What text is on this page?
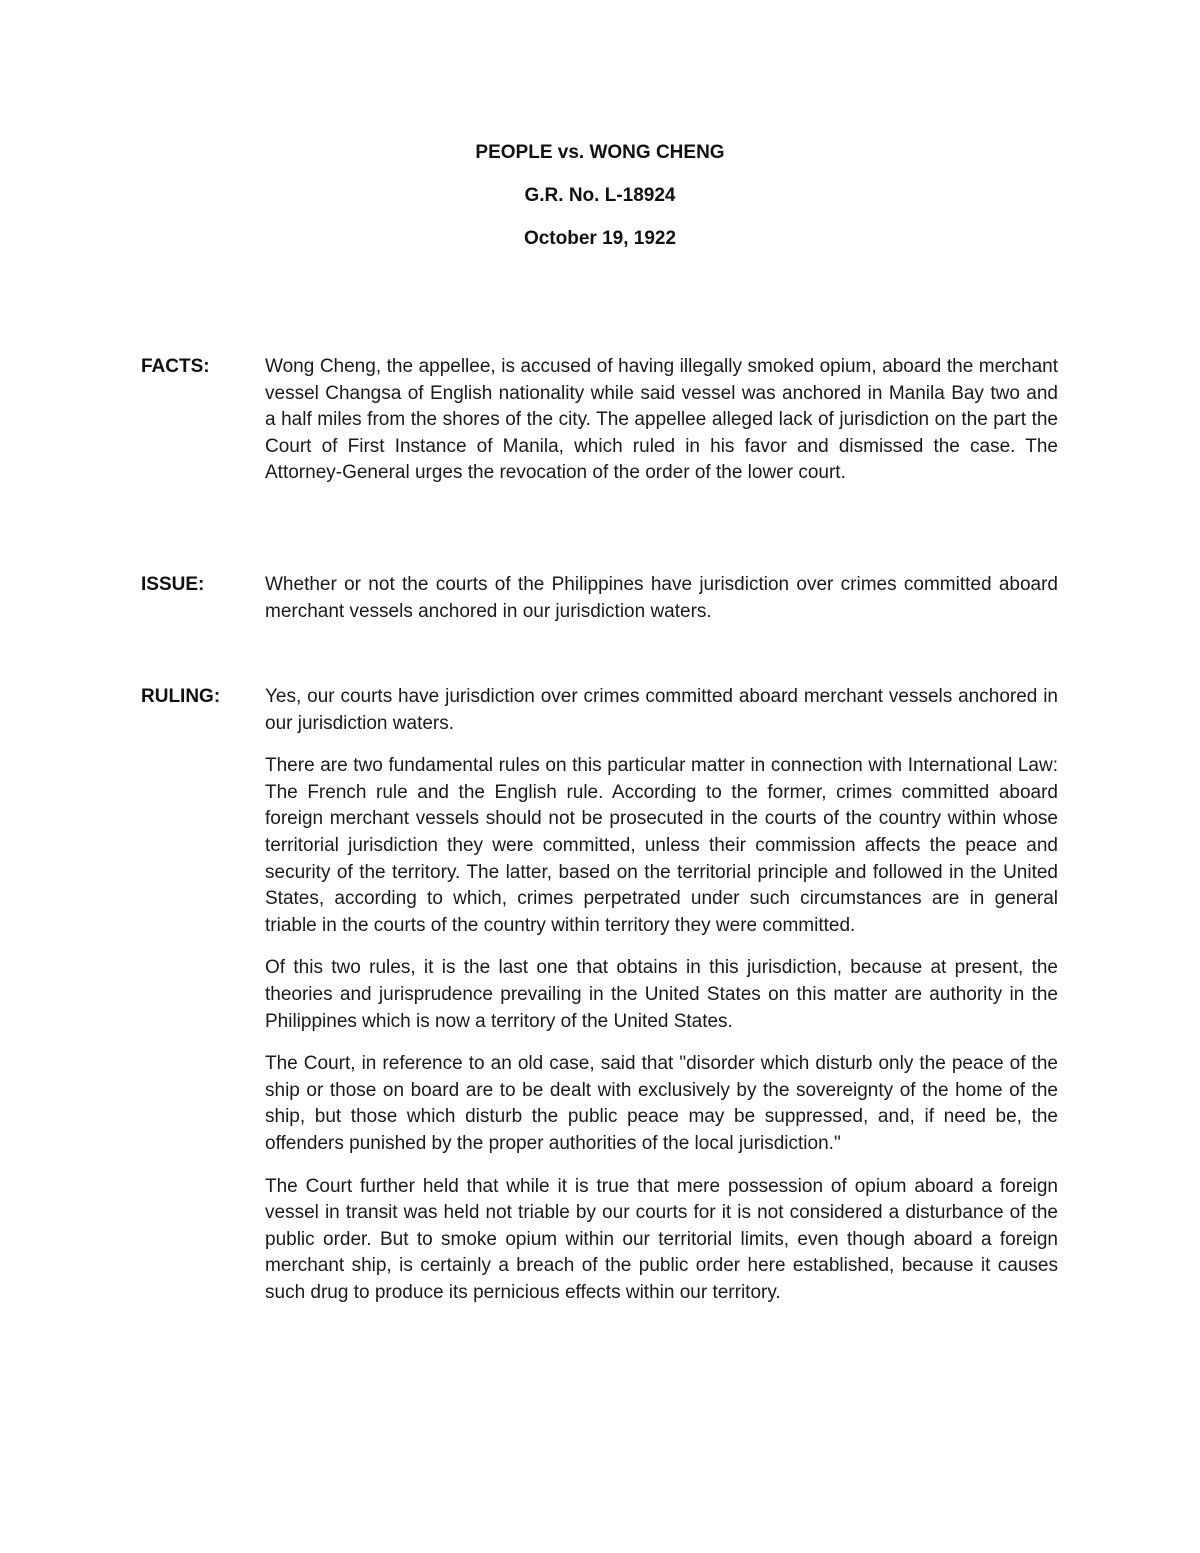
PEOPLE vs. WONG CHENG
G.R. No. L-18924
October 19, 1922
FACTS:	Wong Cheng, the appellee, is accused of having illegally smoked opium, aboard the merchant vessel Changsa of English nationality while said vessel was anchored in Manila Bay two and a half miles from the shores of the city. The appellee alleged lack of jurisdiction on the part the Court of First Instance of Manila, which ruled in his favor and dismissed the case. The Attorney-General urges the revocation of the order of the lower court.

ISSUE:	Whether or not the courts of the Philippines have jurisdiction over crimes committed aboard merchant vessels anchored in our jurisdiction waters.

RULING: Yes, our courts have jurisdiction over crimes committed aboard merchant vessels anchored in our jurisdiction waters.

There are two fundamental rules on this particular matter in connection with International Law: The French rule and the English rule. According to the former, crimes committed aboard foreign merchant vessels should not be prosecuted in the courts of the country within whose territorial jurisdiction they were committed, unless their commission affects the peace and security of the territory. The latter, based on the territorial principle and followed in the United States, according to which, crimes perpetrated under such circumstances are in general triable in the courts of the country within territory they were committed.

Of this two rules, it is the last one that obtains in this jurisdiction, because at present, the theories and jurisprudence prevailing in the United States on this matter are authority in the Philippines which is now a territory of the United States.

The Court, in reference to an old case, said that "disorder which disturb only the peace of the ship or those on board are to be dealt with exclusively by the sovereignty of the home of the ship, but those which disturb the public peace may be suppressed, and, if need be, the offenders punished by the proper authorities of the local jurisdiction."

The Court further held that while it is true that mere possession of opium aboard a foreign vessel in transit was held not triable by our courts for it is not considered a disturbance of the public order. But to smoke opium within our territorial limits, even though aboard a foreign merchant ship, is certainly a breach of the public order here established, because it causes such drug to produce its pernicious effects within our territory.
